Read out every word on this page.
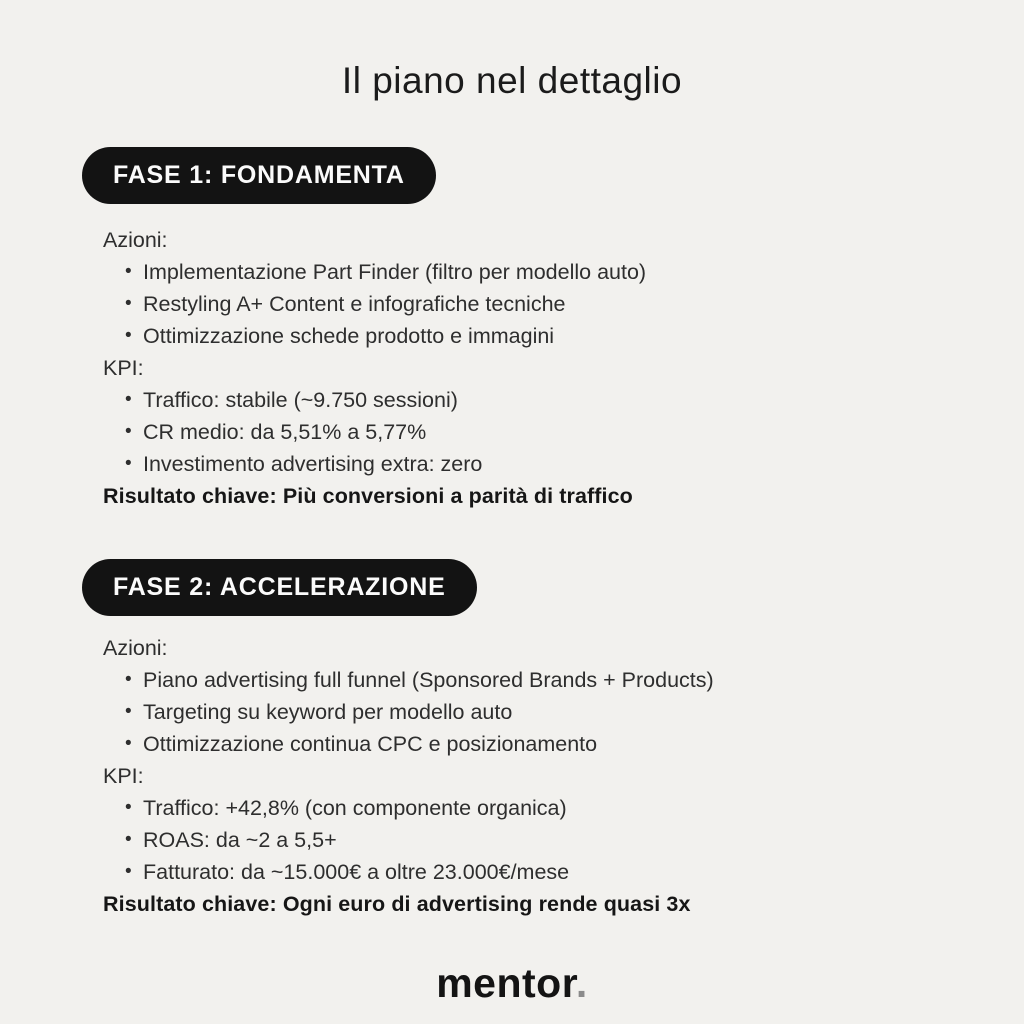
Il piano nel dettaglio
FASE 1: FONDAMENTA
Azioni:
• Implementazione Part Finder (filtro per modello auto)
• Restyling A+ Content e infografiche tecniche
• Ottimizzazione schede prodotto e immagini
KPI:
• Traffico: stabile (~9.750 sessioni)
• CR medio: da 5,51% a 5,77%
• Investimento advertising extra: zero
Risultato chiave: Più conversioni a parità di traffico
FASE 2: ACCELERAZIONE
Azioni:
• Piano advertising full funnel (Sponsored Brands + Products)
• Targeting su keyword per modello auto
• Ottimizzazione continua CPC e posizionamento
KPI:
• Traffico: +42,8% (con componente organica)
• ROAS: da ~2 a 5,5+
• Fatturato: da ~15.000€ a oltre 23.000€/mese
Risultato chiave: Ogni euro di advertising rende quasi 3x
mentor.
